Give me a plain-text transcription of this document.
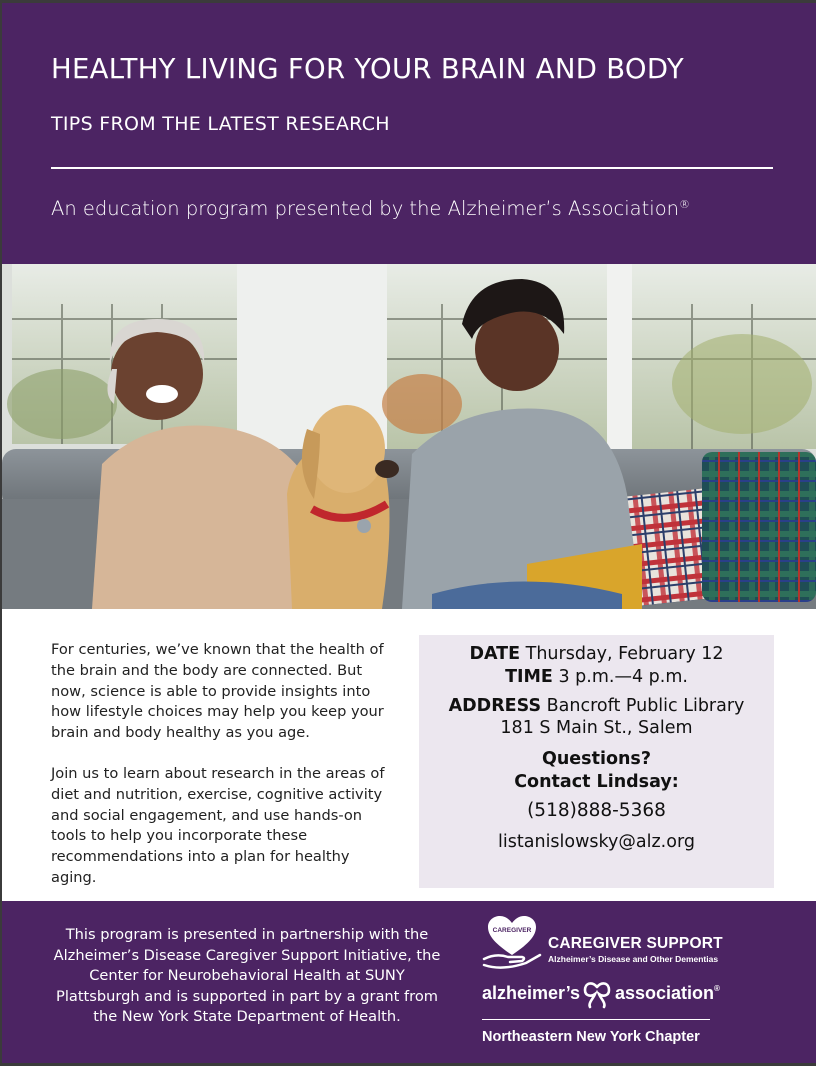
HEALTHY LIVING FOR YOUR BRAIN AND BODY
TIPS FROM THE LATEST RESEARCH
An education program presented by the Alzheimer’s Association®

For centuries, we’ve known that the health of the brain and the body are connected. But now, science is able to provide insights into how lifestyle choices may help you keep your brain and body healthy as you age.

Join us to learn about research in the areas of diet and nutrition, exercise, cognitive activity and social engagement, and use hands-on tools to help you incorporate these recommendations into a plan for healthy aging.

DATE Thursday, February 12
TIME 3 p.m.—4 p.m.
ADDRESS Bancroft Public Library
181 S Main St., Salem
Questions?
Contact Lindsay:
(518)888-5368
listanislowsky@alz.org
This program is presented in partnership with the Alzheimer’s Disease Caregiver Support Initiative, the Center for Neurobehavioral Health at SUNY Plattsburgh and is supported in part by a grant from the New York State Department of Health.
CAREGIVER
CAREGIVER SUPPORT
Alzheimer’s Disease and Other Dementias
alzheimer’s association®
Northeastern New York Chapter
